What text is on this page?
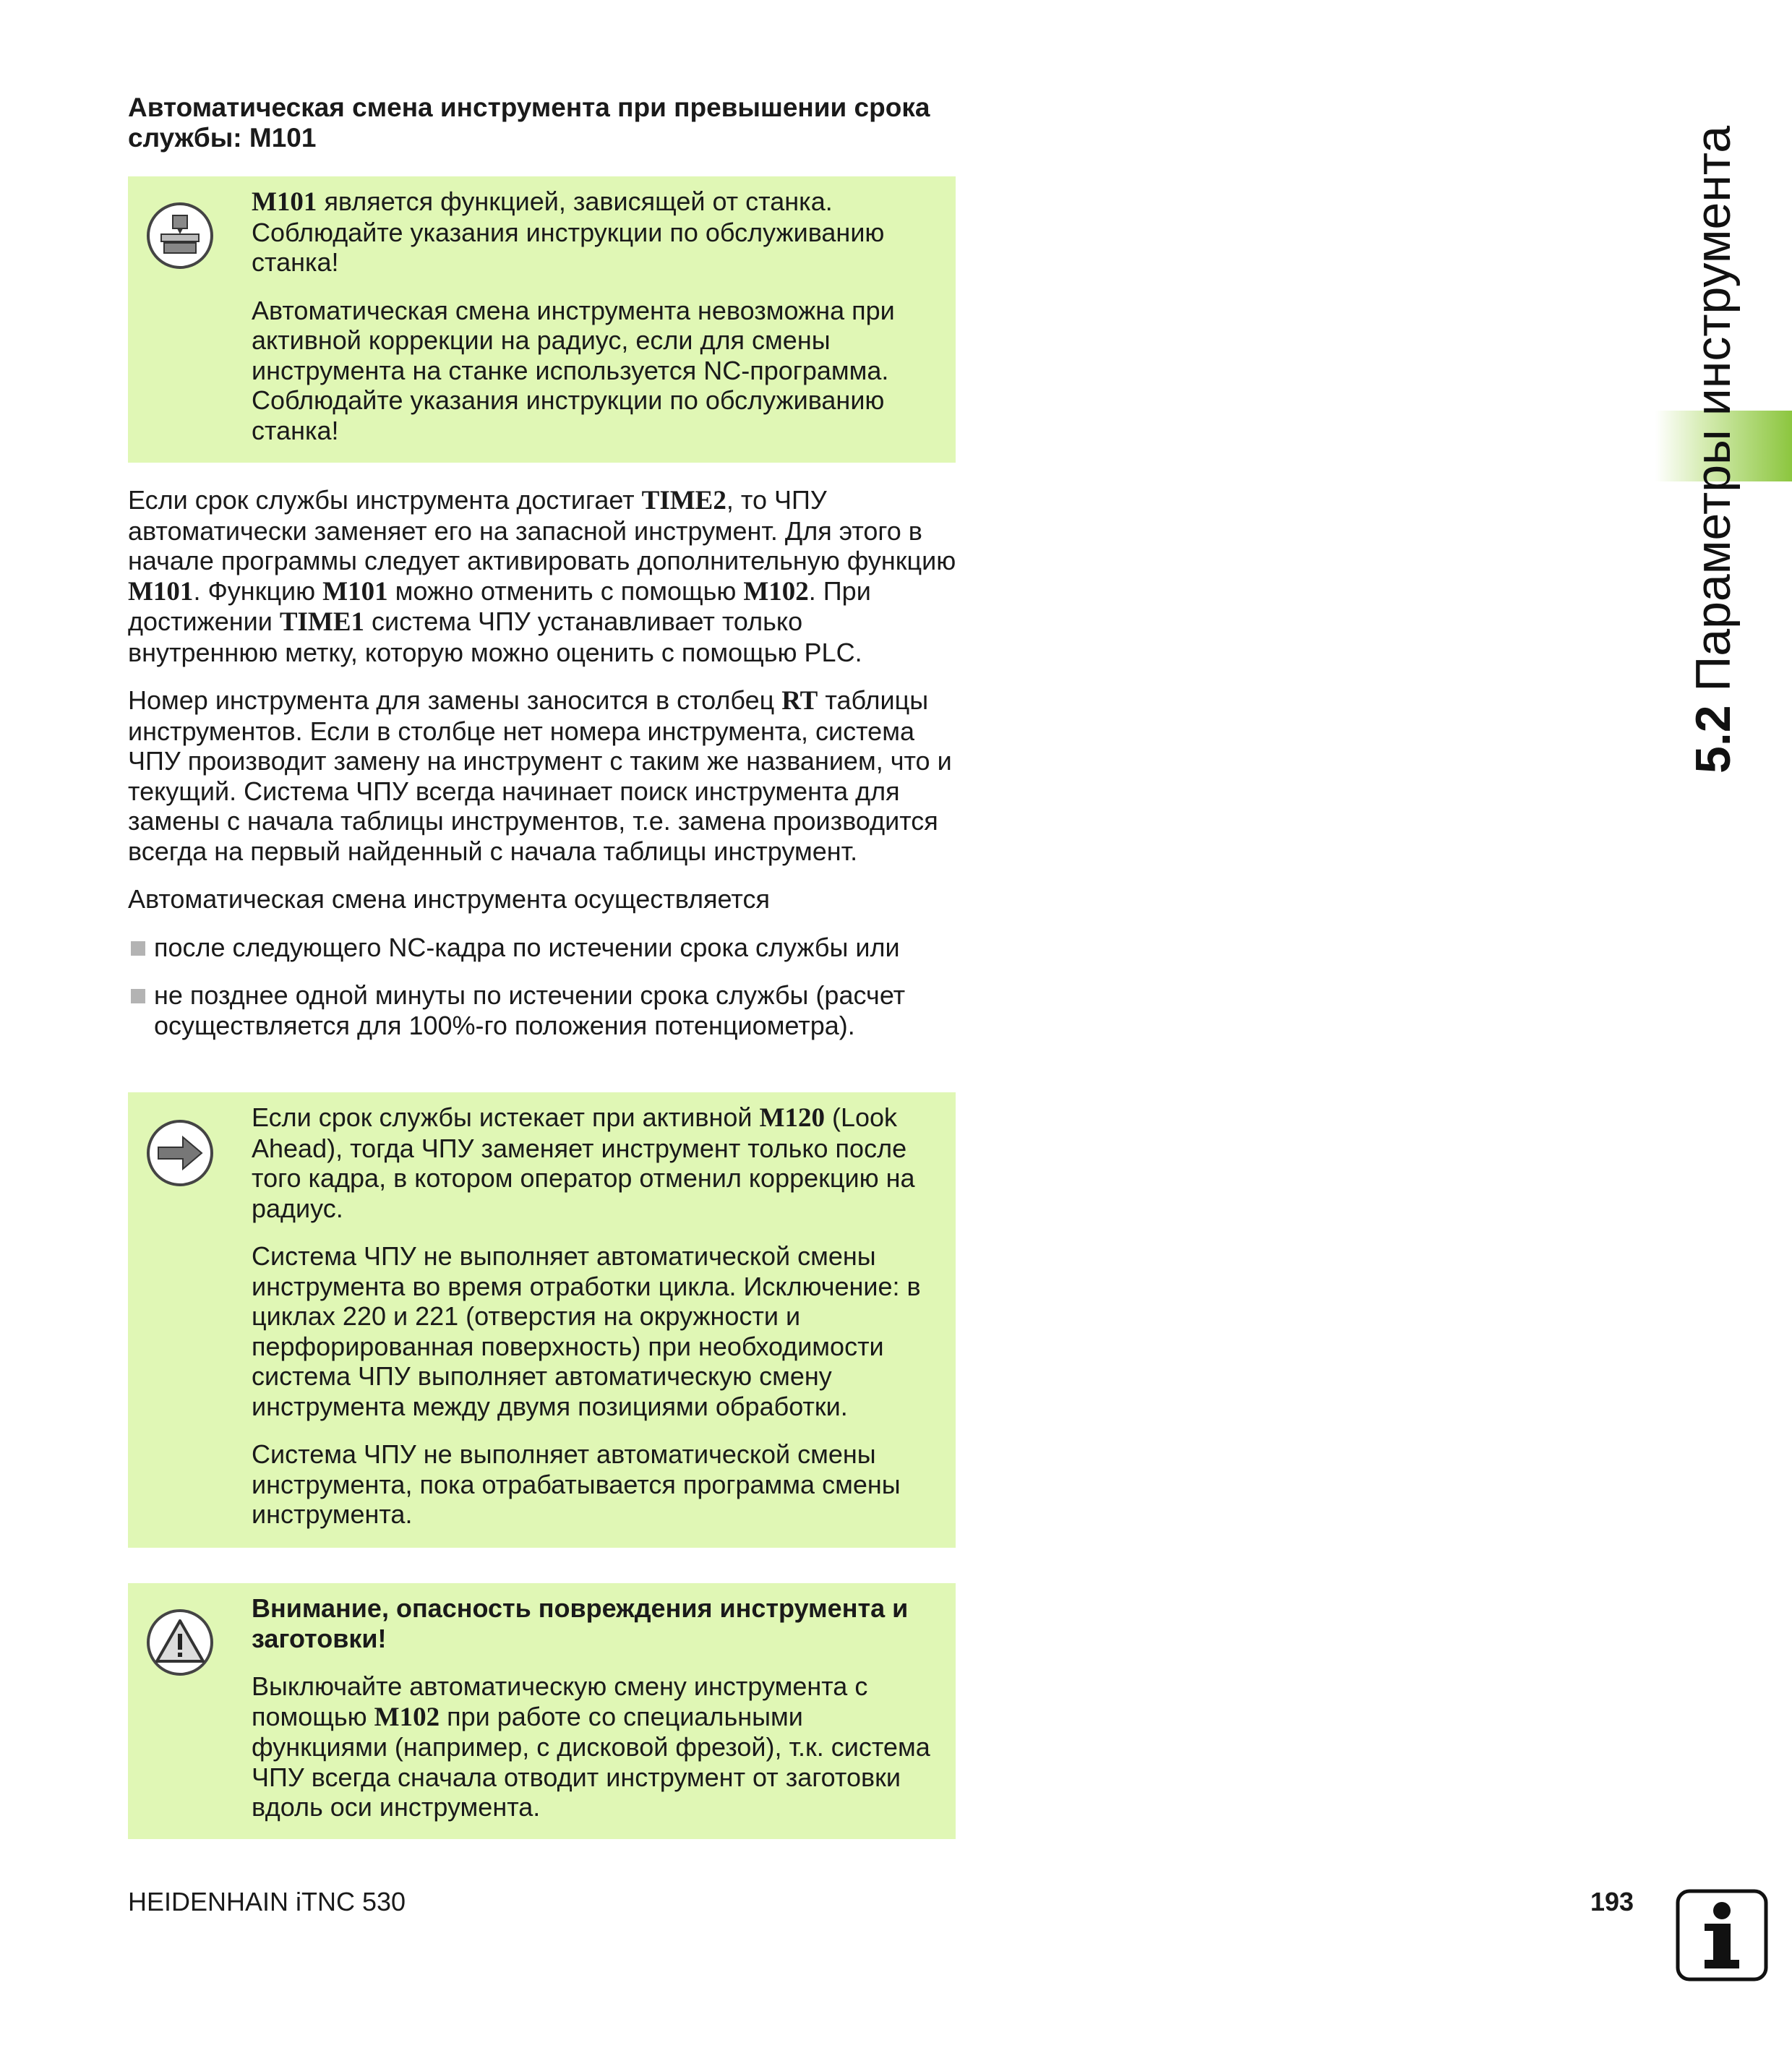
Автоматическая смена инструмента при превышении срока службы: M101

M101 является функцией, зависящей от станка. Соблюдайте указания инструкции по обслуживанию станка!

Автоматическая смена инструмента невозможна при активной коррекции на радиус, если для смены инструмента на станке используется NC-программа. Соблюдайте указания инструкции по обслуживанию станка!

Если срок службы инструмента достигает TIME2, то ЧПУ автоматически заменяет его на запасной инструмент. Для этого в начале программы следует активировать дополнительную функцию M101. Функцию M101 можно отменить с помощью M102. При достижении TIME1 система ЧПУ устанавливает только внутреннюю метку, которую можно оценить с помощью PLC.

Номер инструмента для замены заносится в столбец RT таблицы инструментов. Если в столбце нет номера инструмента, система ЧПУ производит замену на инструмент с таким же названием, что и текущий. Система ЧПУ всегда начинает поиск инструмента для замены с начала таблицы инструментов, т.е. замена производится всегда на первый найденный с начала таблицы инструмент.

Автоматическая смена инструмента осуществляется

после следующего NC-кадра по истечении срока службы или

не позднее одной минуты по истечении срока службы (расчет осуществляется для 100%-го положения потенциометра).

Если срок службы истекает при активной M120 (Look Ahead), тогда ЧПУ заменяет инструмент только после того кадра, в котором оператор отменил коррекцию на радиус.

Система ЧПУ не выполняет автоматической смены инструмента во время отработки цикла. Исключение: в циклах 220 и 221 (отверстия на окружности и перфорированная поверхность) при необходимости система ЧПУ выполняет автоматическую смену инструмента между двумя позициями обработки.

Система ЧПУ не выполняет автоматической смены инструмента, пока отрабатывается программа смены инструмента.

Внимание, опасность повреждения инструмента и заготовки!

Выключайте автоматическую смену инструмента с помощью M102 при работе со специальными функциями (например, с дисковой фрезой), т.к. система ЧПУ всегда сначала отводит инструмент от заготовки вдоль оси инструмента.

5.2 Параметры инструмента
HEIDENHAIN iTNC 530	193
